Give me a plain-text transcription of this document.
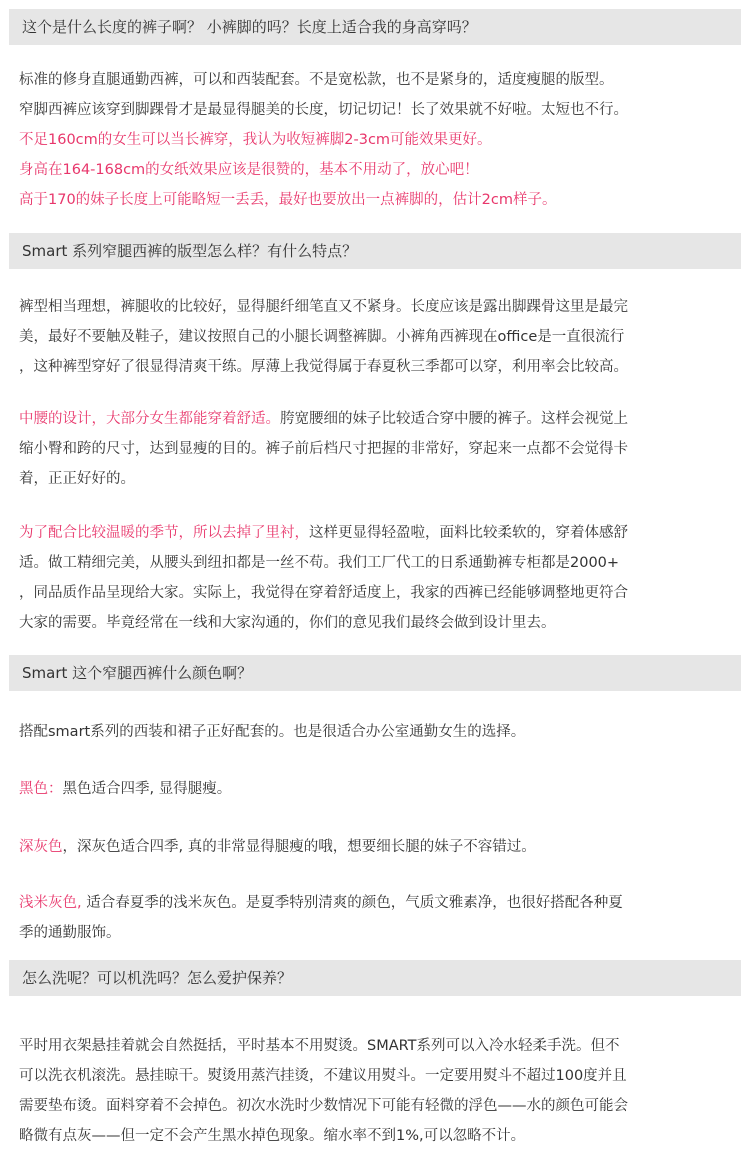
这个是什么长度的裤子啊？ 小裤脚的吗？长度上适合我的身高穿吗？
标准的修身直腿通勤西裤，可以和西装配套。不是宽松款，也不是紧身的，适度瘦腿的版型。
窄脚西裤应该穿到脚踝骨才是最显得腿美的长度，切记切记！长了效果就不好啦。太短也不行。
不足160cm的女生可以当长裤穿，我认为收短裤脚2-3cm可能效果更好。
身高在164-168cm的女纸效果应该是很赞的，基本不用动了，放心吧！
高于170的妹子长度上可能略短一丢丢，最好也要放出一点裤脚的，估计2cm样子。
Smart 系列窄腿西裤的版型怎么样？有什么特点？
裤型相当理想，裤腿收的比较好，显得腿纤细笔直又不紧身。长度应该是露出脚踝骨这里是最完
美，最好不要触及鞋子，建议按照自己的小腿长调整裤脚。小裤角西裤现在office是一直很流行
，这种裤型穿好了很显得清爽干练。厚薄上我觉得属于春夏秋三季都可以穿，利用率会比较高。
中腰的设计，大部分女生都能穿着舒适。胯宽腰细的妹子比较适合穿中腰的裤子。这样会视觉上
缩小臀和跨的尺寸，达到显瘦的目的。裤子前后档尺寸把握的非常好，穿起来一点都不会觉得卡
着，正正好好的。
为了配合比较温暖的季节，所以去掉了里衬，这样更显得轻盈啦，面料比较柔软的，穿着体感舒
适。做工精细完美，从腰头到纽扣都是一丝不苟。我们工厂代工的日系通勤裤专柜都是2000+
，同品质作品呈现给大家。实际上，我觉得在穿着舒适度上，我家的西裤已经能够调整地更符合
大家的需要。毕竟经常在一线和大家沟通的，你们的意见我们最终会做到设计里去。
Smart 这个窄腿西裤什么颜色啊？
搭配smart系列的西装和裙子正好配套的。也是很适合办公室通勤女生的选择。
黑色：黑色适合四季, 显得腿瘦。
深灰色，深灰色适合四季, 真的非常显得腿瘦的哦，想要细长腿的妹子不容错过。
浅米灰色, 适合春夏季的浅米灰色。是夏季特别清爽的颜色，气质文雅素净，也很好搭配各种夏
季的通勤服饰。
怎么洗呢？可以机洗吗？怎么爱护保养？
平时用衣架悬挂着就会自然挺括，平时基本不用熨烫。SMART系列可以入冷水轻柔手洗。但不
可以洗衣机滚洗。悬挂晾干。熨烫用蒸汽挂烫，不建议用熨斗。一定要用熨斗不超过100度并且
需要垫布烫。面料穿着不会掉色。初次水洗时少数情况下可能有轻微的浮色——水的颜色可能会
略微有点灰——但一定不会产生黑水掉色现象。缩水率不到1%,可以忽略不计。
